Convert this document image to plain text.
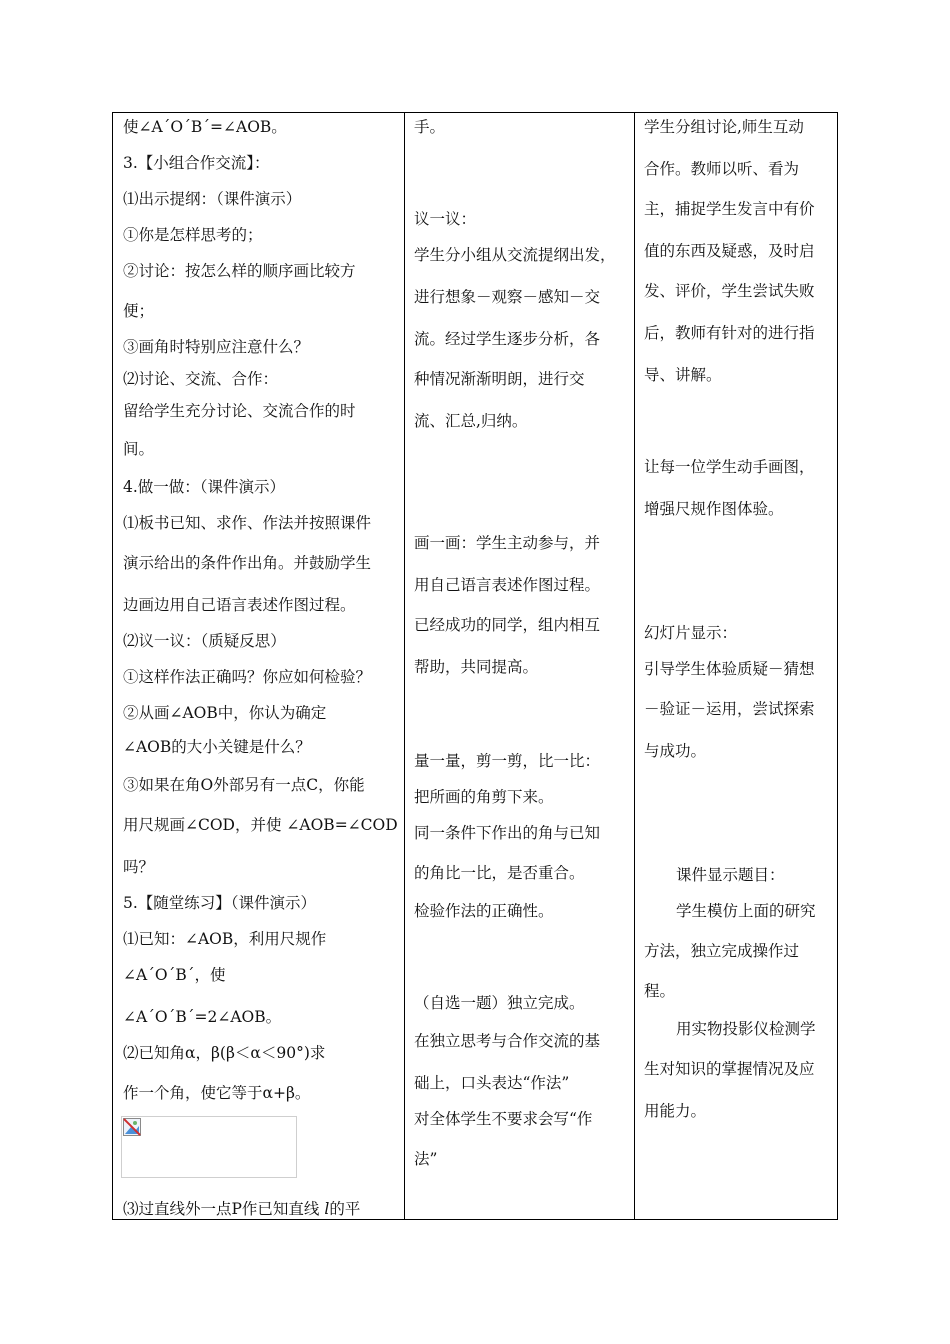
使∠A´O´B´=∠AOB。
3.【小组合作交流】：
⑴出示提纲：（课件演示）
①你是怎样思考的；
②讨论：按怎么样的顺序画比较方
便；
③画角时特别应注意什么？
⑵讨论、交流、合作：
留给学生充分讨论、交流合作的时
间。
4.做一做：（课件演示）
⑴板书已知、求作、作法并按照课件
演示给出的条件作出角。并鼓励学生
边画边用自己语言表述作图过程。
⑵议一议：（质疑反思）
①这样作法正确吗？你应如何检验？
②从画∠AOB中，你认为确定
∠AOB的大小关键是什么？
③如果在角O外部另有一点C，你能
用尺规画∠COD，并使 ∠AOB=∠COD
吗？
5.【随堂练习】（课件演示）
⑴已知：∠AOB，利用尺规作
∠A´O´B´，使
∠A´O´B´=2∠AOB。
⑵已知角α，β(β＜α＜90°)求
作一个角，使它等于α+β。
⑶过直线外一点P作已知直线 l的平
手。
议一议：
学生分小组从交流提纲出发，
进行想象－观察－感知－交
流。经过学生逐步分析，各
种情况渐渐明朗，进行交
流、汇总,归纳。
画一画：学生主动参与，并
用自己语言表述作图过程。
已经成功的同学，组内相互
帮助，共同提高。
量一量，剪一剪，比一比：
把所画的角剪下来。
同一条件下作出的角与已知
的角比一比，是否重合。
检验作法的正确性。
（自选一题）独立完成。
在独立思考与合作交流的基
础上，口头表达“作法”
对全体学生不要求会写“作
法”
学生分组讨论,师生互动
合作。教师以听、看为
主，捕捉学生发言中有价
值的东西及疑惑，及时启
发、评价，学生尝试失败
后，教师有针对的进行指
导、讲解。
让每一位学生动手画图，
增强尺规作图体验。
幻灯片显示：
引导学生体验质疑－猜想
－验证－运用，尝试探索
与成功。
课件显示题目：
学生模仿上面的研究
方法，独立完成操作过
程。
用实物投影仪检测学
生对知识的掌握情况及应
用能力。
